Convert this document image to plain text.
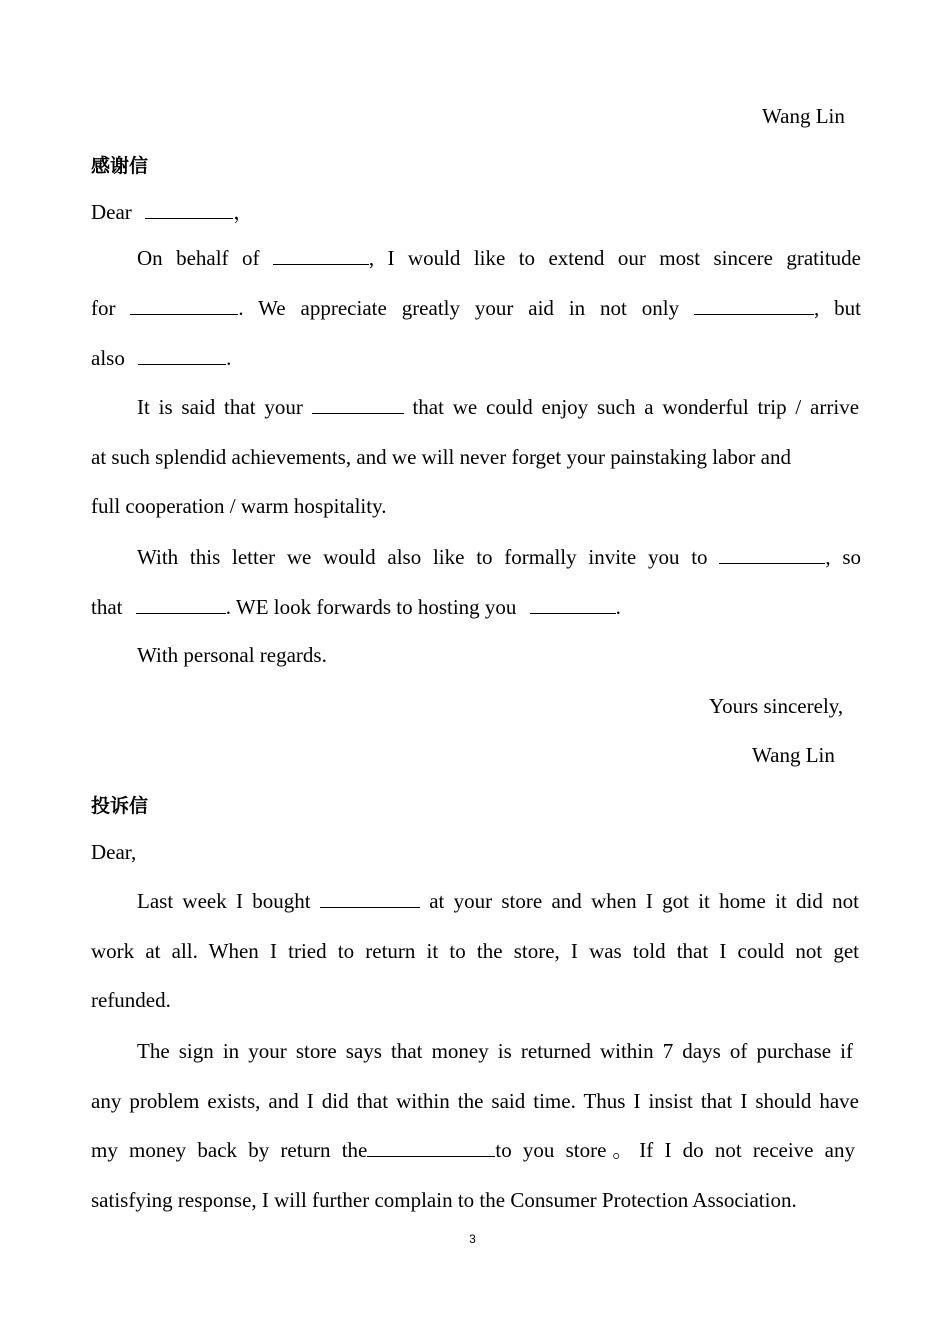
Wang Lin
感谢信
Dear	，
On behalf of	, I would like to extend our most sincere gratitude
for	. We appreciate greatly your aid in not only	, but
also	.
It is said that your	that we could enjoy such a wonderful trip / arrive
at such splendid achievements, and we will never forget your painstaking labor and
full cooperation / warm hospitality.
With this letter we would also like to formally invite you to	, so
that	. WE look forwards to hosting you	.
With personal regards.
Yours sincerely,
Wang Lin
投诉信
Dear,
Last week I bought	at your store and when I got it home it did not
work at all. When I tried to return it to the store, I was told that I could not get
refunded.
The sign in your store says that money is returned within 7 days of purchase if
any problem exists, and I did that within the said time. Thus I insist that I should have
my money back by return the	to you store。If I do not receive any
satisfying response, I will further complain to the Consumer Protection Association.
3
